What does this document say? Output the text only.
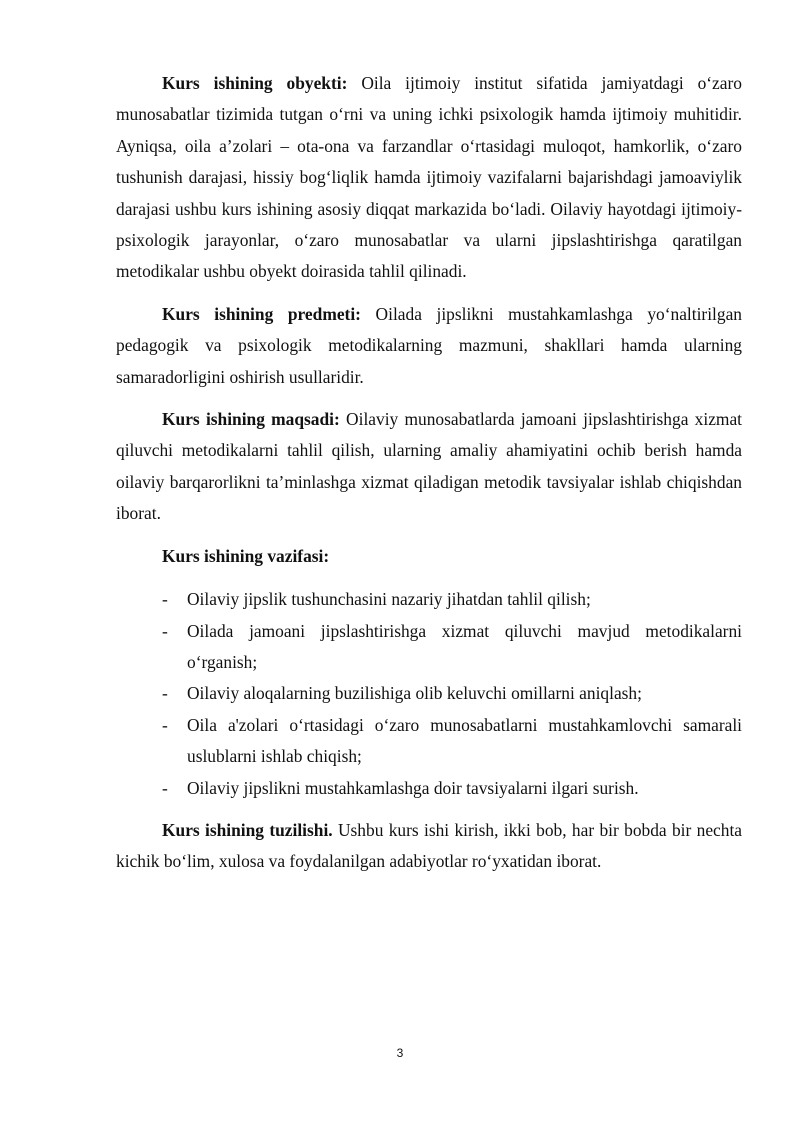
Kurs ishining obyekti: Oila ijtimoiy institut sifatida jamiyatdagi o‘zaro munosabatlar tizimida tutgan o‘rni va uning ichki psixologik hamda ijtimoiy muhitidir. Ayniqsa, oila a’zolari – ota-ona va farzandlar o‘rtasidagi muloqot, hamkorlik, o‘zaro tushunish darajasi, hissiy bog‘liqlik hamda ijtimoiy vazifalarni bajarishdagi jamoaviylik darajasi ushbu kurs ishining asosiy diqqat markazida bo‘ladi. Oilaviy hayotdagi ijtimoiy-psixologik jarayonlar, o‘zaro munosabatlar va ularni jipslashtirishga qaratilgan metodikalar ushbu obyekt doirasida tahlil qilinadi.

Kurs ishining predmeti: Oilada jipslikni mustahkamlashga yo‘naltirilgan pedagogik va psixologik metodikalarning mazmuni, shakllari hamda ularning samaradorligini oshirish usullaridir.

Kurs ishining maqsadi: Oilaviy munosabatlarda jamoani jipslashtirishga xizmat qiluvchi metodikalarni tahlil qilish, ularning amaliy ahamiyatini ochib berish hamda oilaviy barqarorlikni ta’minlashga xizmat qiladigan metodik tavsiyalar ishlab chiqishdan iborat.

Kurs ishining vazifasi:

- Oilaviy jipslik tushunchasini nazariy jihatdan tahlil qilish;
- Oilada jamoani jipslashtirishga xizmat qiluvchi mavjud metodikalarni o‘rganish;
- Oilaviy aloqalarning buzilishiga olib keluvchi omillarni aniqlash;
- Oila a'zolari o‘rtasidagi o‘zaro munosabatlarni mustahkamlovchi samarali uslublarni ishlab chiqish;
- Oilaviy jipslikni mustahkamlashga doir tavsiyalarni ilgari surish.

Kurs ishining tuzilishi. Ushbu kurs ishi kirish, ikki bob, har bir bobda bir nechta kichik bo‘lim, xulosa va foydalanilgan adabiyotlar ro‘yxatidan iborat.

3
